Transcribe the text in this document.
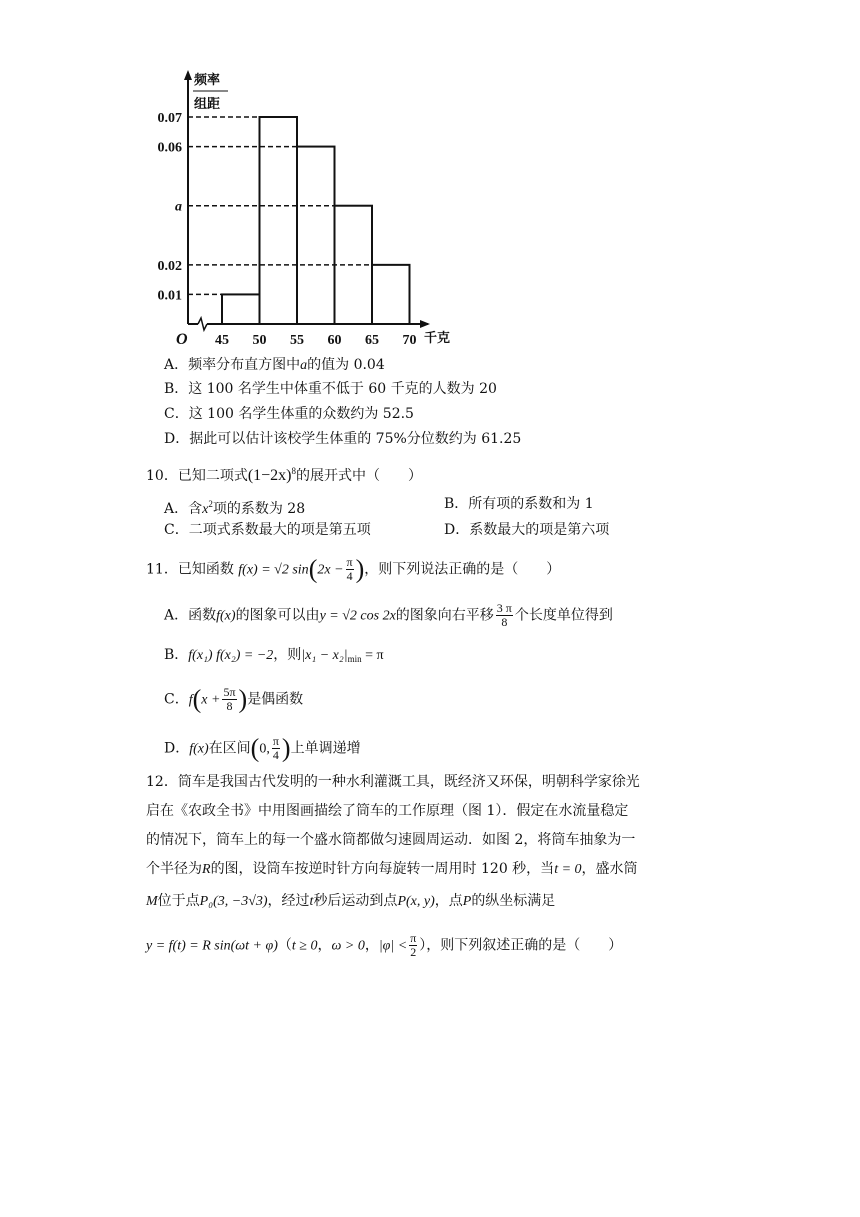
频率
组距
O	千克
0.07
0.06
a
0.02
0.01
45 50 55 60 65 70
A．频率分布直方图中a的值为 0.04
B．这 100 名学生中体重不低于 60 千克的人数为 20
C．这 100 名学生体重的众数约为 52.5
D．据此可以估计该校学生体重的 75%分位数约为 61.25
10．已知二项式$(1-2x)^8$的展开式中（　　）
A．含$x^2$项的系数为 28	B．所有项的系数和为 1
C．二项式系数最大的项是第五项	D．系数最大的项是第六项
11．已知函数 f(x) = √2 $\sin(2x - \frac{\pi}{4}$ )，则下列说法正确的是（　　）
A．函数f(x)的图象可以由y = √2 cos 2x的图象向右平移 $\frac{3 \pi}{8}$ 个长度单位得到
B．f(x₁) f(x₂) = −2，则$|x_1 - x_2|_{min} = \pi$
C．$f(x + \frac{5\pi}{8}$ )是偶函数
D．f(x)在区间(0, $\frac{\pi}{4}$ )上单调递增
12．筒车是我国古代发明的一种水利灌溉工具，既经济又环保，明朝科学家徐光
启在《农政全书》中用图画描绘了筒车的工作原理（图 1）．假定在水流量稳定
的情况下，筒车上的每一个盛水筒都做匀速圆周运动．如图 2，将筒车抽象为一
个半径为R的图，设筒车按逆时针方向每旋转一周用时 120 秒，当t = 0，盛水筒
M位于点P₀(3, −3√3)，经过t秒后运动到点P(x, y)，点P的纵坐标满足
y = f(t) = R sin(ωt + φ)（t ≥ 0，ω > 0，$|\varphi| < \frac{\pi}{2}$ ），则下列叙述正确的是（　　）
